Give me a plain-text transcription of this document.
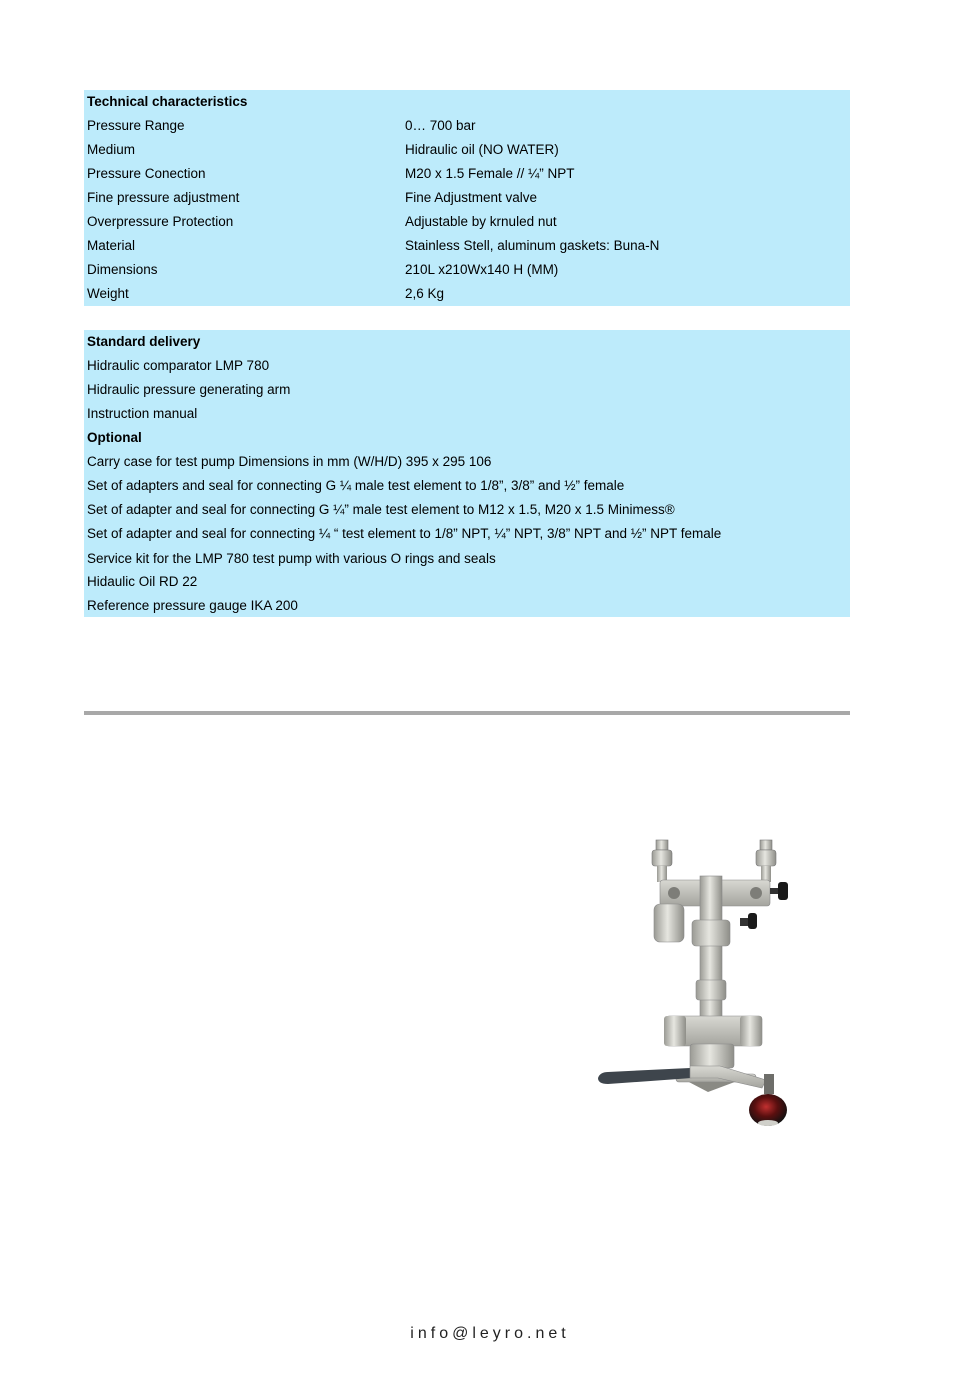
Technical characteristics
Pressure Range	0… 700 bar
Medium	Hidraulic oil (NO WATER)
Pressure Conection	M20 x 1.5 Female // ¼” NPT
Fine pressure adjustment	Fine Adjustment valve
Overpressure Protection	Adjustable by krnuled nut
Material	Stainless Stell, aluminum gaskets: Buna-N
Dimensions	210L x210Wx140 H (MM)
Weight	2,6 Kg
Standard delivery
Hidraulic comparator LMP 780
Hidraulic pressure generating arm
Instruction manual
Optional
Carry case for test pump Dimensions in mm (W/H/D) 395 x 295 106
Set of adapters and seal for connecting G ¼ male test element to 1/8”, 3/8” and ½” female
Set of adapter and seal for connecting G ¼” male test element to M12 x 1.5, M20 x 1.5 Minimess®
Set of adapter and seal for connecting ¼ “ test element to 1/8” NPT, ¼” NPT, 3/8” NPT and ½” NPT female
Service kit for the LMP 780 test pump with various O rings and seals
Hidaulic Oil RD 22
Reference pressure gauge IKA 200
info@leyro.net
